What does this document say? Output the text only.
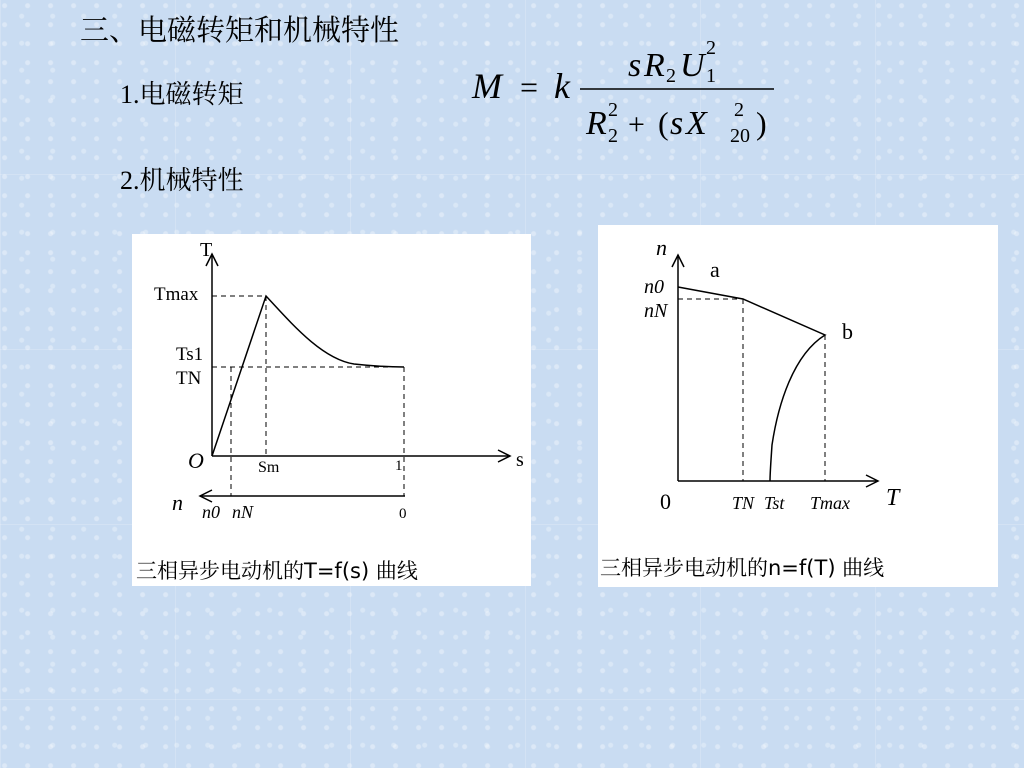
三、电磁转矩和机械特性
1.电磁转矩
2.机械特性
M = k
s R 2 U 1
2
R 2
2 + ( s X 20
2 )
T
s
Tmax
Ts1
TN
O	Sm	1
n n0 nN	0
三相异步电动机的T=f(s) 曲线
n
T
n0
nN
a
b
0	TN Tst Tmax
三相异步电动机的n=f(T) 曲线
